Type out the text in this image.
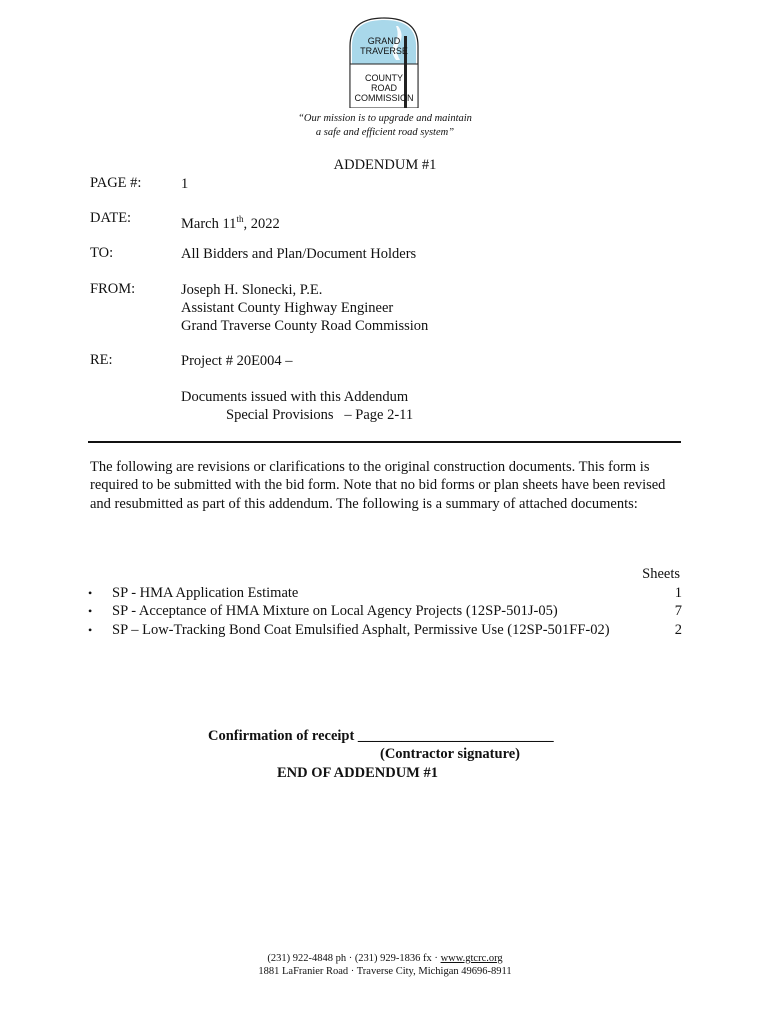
GRAND
TRAVERSE
COUNTY
ROAD
COMMISSION
“Our mission is to upgrade and maintain
a safe and efficient road system”
ADDENDUM #1
PAGE #:	1
DATE:	March 11th, 2022
TO:	All Bidders and Plan/Document Holders
FROM:	Joseph H. Slonecki, P.E.
Assistant County Highway Engineer
Grand Traverse County Road Commission
RE:	Project # 20E004 –
Documents issued with this Addendum
Special Provisions   – Page 2-11
The following are revisions or clarifications to the original construction documents. This form is required to be submitted with the bid form. Note that no bid forms or plan sheets have been revised and resubmitted as part of this addendum. The following is a summary of attached documents:
Sheets
•	SP - HMA Application Estimate	1
•	SP - Acceptance of HMA Mixture on Local Agency Projects (12SP-501J-05)	7
•	SP – Low-Tracking Bond Coat Emulsified Asphalt, Permissive Use (12SP-501FF-02)	2
Confirmation of receipt ___________________________
(Contractor signature)
END OF ADDENDUM #1
(231) 922-4848 ph · (231) 929-1836 fx · www.gtcrc.org
1881 LaFranier Road · Traverse City, Michigan 49696-8911
